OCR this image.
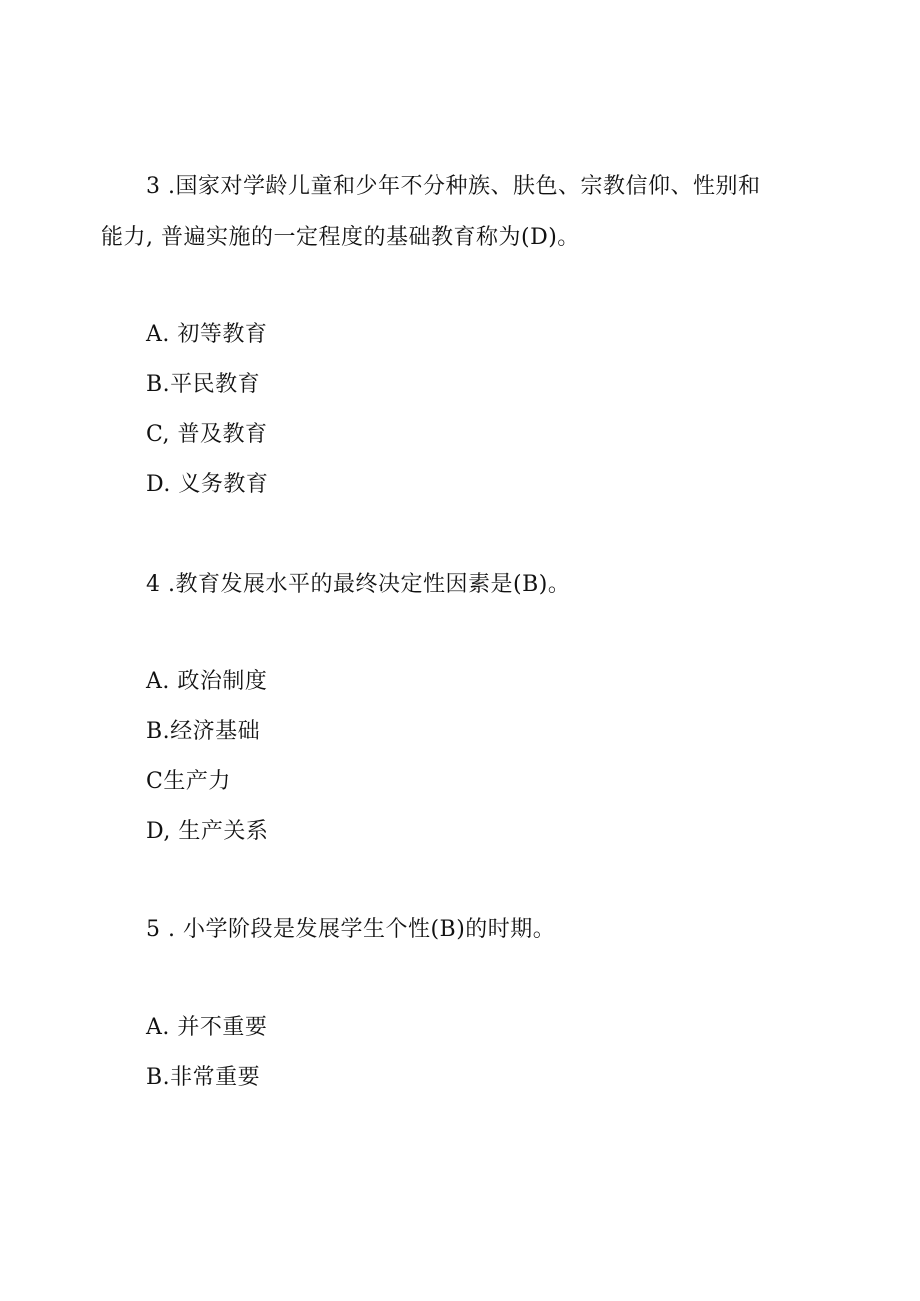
3 .国家对学龄儿童和少年不分种族、肤色、宗教信仰、性别和
能力, 普遍实施的一定程度的基础教育称为(D)。
A. 初等教育
B.平民教育
C, 普及教育
D. 义务教育
4 .教育发展水平的最终决定性因素是(B)。
A. 政治制度
B.经济基础
C生产力
D, 生产关系
5 . 小学阶段是发展学生个性(B)的时期。
A. 并不重要
B.非常重要
